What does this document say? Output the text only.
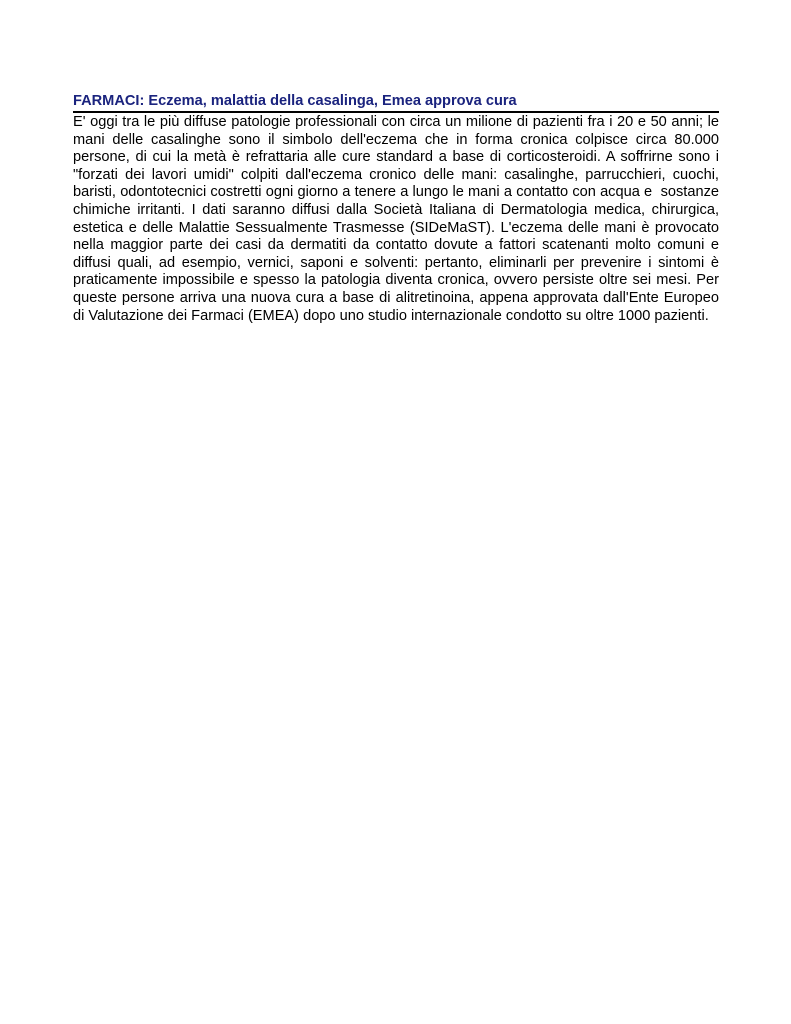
FARMACI: Eczema, malattia della casalinga, Emea approva cura

E' oggi tra le più diffuse patologie professionali con circa un milione di pazienti fra i 20 e 50 anni; le mani delle casalinghe sono il simbolo dell'eczema che in forma cronica colpisce circa 80.000 persone, di cui la metà è refrattaria alle cure standard a base di corticosteroidi. A soffrirne sono i "forzati dei lavori umidi" colpiti dall'eczema cronico delle mani: casalinghe, parrucchieri, cuochi, baristi, odontotecnici costretti ogni giorno a tenere a lungo le mani a contatto con acqua e  sostanze chimiche irritanti. I dati saranno diffusi dalla Società Italiana di Dermatologia medica, chirurgica, estetica e delle Malattie Sessualmente Trasmesse (SIDeMaST). L'eczema delle mani è provocato nella maggior parte dei casi da dermatiti da contatto dovute a fattori scatenanti molto comuni e diffusi quali, ad esempio, vernici, saponi e solventi: pertanto, eliminarli per prevenire i sintomi è praticamente impossibile e spesso la patologia diventa cronica, ovvero persiste oltre sei mesi. Per queste persone arriva una nuova cura a base di alitretinoina, appena approvata dall'Ente Europeo di Valutazione dei Farmaci (EMEA) dopo uno studio internazionale condotto su oltre 1000 pazienti.
